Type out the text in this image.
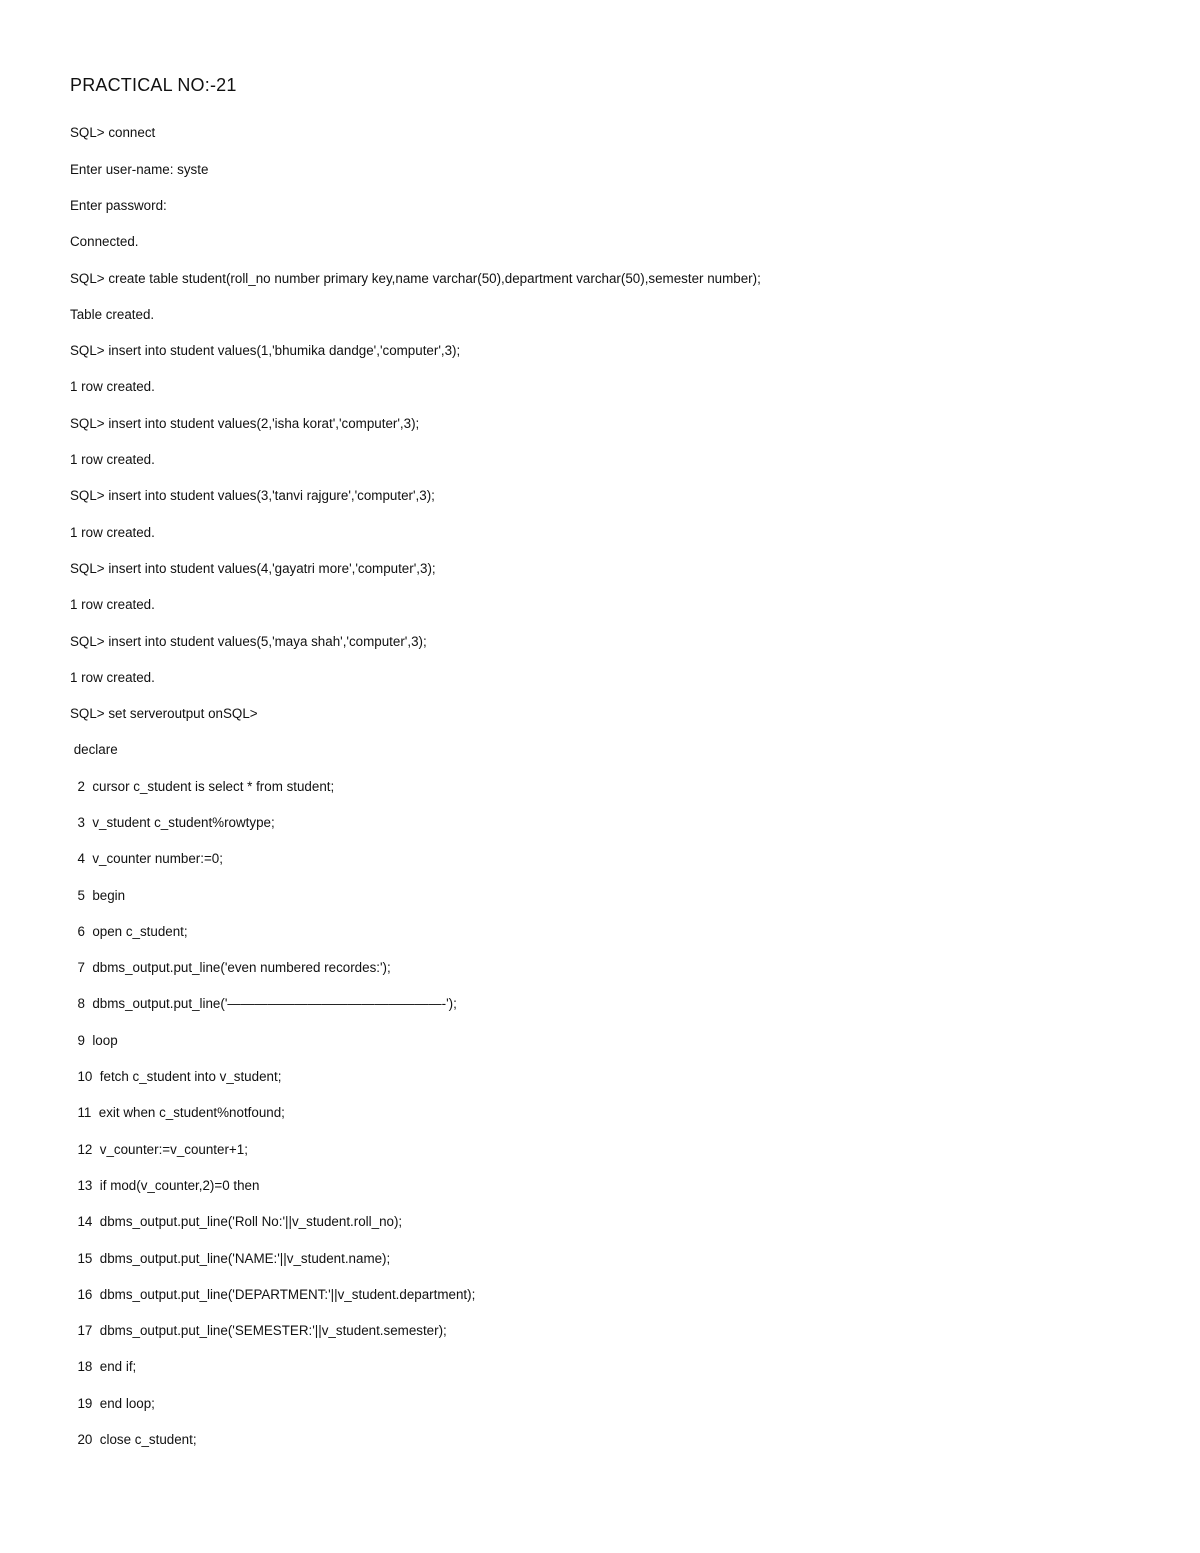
PRACTICAL NO:-21
SQL> connect
Enter user-name: syste
Enter password:
Connected.
SQL> create table student(roll_no number primary key,name varchar(50),department varchar(50),semester number);
Table created.
SQL> insert into student values(1,'bhumika dandge','computer',3);
1 row created.
SQL> insert into student values(2,'isha korat','computer',3);
1 row created.
SQL> insert into student values(3,'tanvi rajgure','computer',3);
1 row created.
SQL> insert into student values(4,'gayatri more','computer',3);
1 row created.
SQL> insert into student values(5,'maya shah','computer',3);
1 row created.
SQL> set serveroutput onSQL>
declare
2  cursor c_student is select * from student;
3  v_student c_student%rowtype;
4  v_counter number:=0;
5  begin
6  open c_student;
7  dbms_output.put_line('even numbered recordes:');
8  dbms_output.put_line('————————————————-');
9  loop
10  fetch c_student into v_student;
11  exit when c_student%notfound;
12  v_counter:=v_counter+1;
13  if mod(v_counter,2)=0 then
14  dbms_output.put_line('Roll No:'||v_student.roll_no);
15  dbms_output.put_line('NAME:'||v_student.name);
16  dbms_output.put_line('DEPARTMENT:'||v_student.department);
17  dbms_output.put_line('SEMESTER:'||v_student.semester);
18  end if;
19  end loop;
20  close c_student;
